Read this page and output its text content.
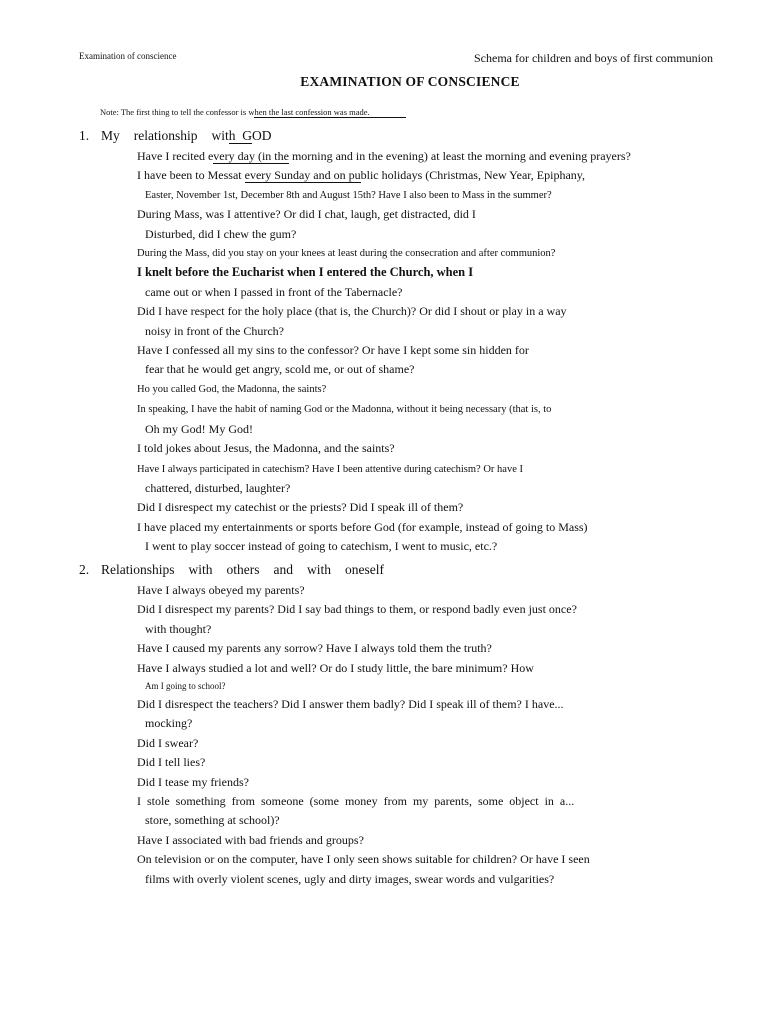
Examination of conscience	Schema for children and boys of first communion
EXAMINATION OF CONSCIENCE
Note: The first thing to tell the confessor is when the last confession was made.
1. My relationship with  GOD
Have I recited every day (in the morning and in the evening) at least the morning and evening prayers?
I have been to Messat every Sunday and on public holidays (Christmas, New Year, Epiphany,
Easter, November 1st, December 8th and August 15th? Have I also been to Mass in the summer?
During Mass, was I attentive? Or did I chat, laugh, get distracted, did I
Disturbed, did I chew the gum?
During the Mass, did you stay on your knees at least during the consecration and after communion?
I knelt before the Eucharist when I entered the Church, when I
came out or when I passed in front of the Tabernacle?
Did I have respect for the holy place (that is, the Church)? Or did I shout or play in a way
noisy in front of the Church?
Have I confessed all my sins to the confessor? Or have I kept some sin hidden for
fear that he would get angry, scold me, or out of shame?
Ho you called God, the Madonna, the saints?
In speaking, I have the habit of naming God or the Madonna, without it being necessary (that is, to
Oh my God! My God!
I told jokes about Jesus, the Madonna, and the saints?
Have I always participated in catechism? Have I been attentive during catechism? Or have I
chattered, disturbed, laughter?
Did I disrespect my catechist or the priests? Did I speak ill of them?
I have placed my entertainments or sports before God (for example, instead of going to Mass)
I went to play soccer instead of going to catechism, I went to music, etc.?
2. Relationships with others and with oneself
Have I always obeyed my parents?
Did I disrespect my parents? Did I say bad things to them, or respond badly even just once?
with thought?
Have I caused my parents any sorrow? Have I always told them the truth?
Have I always studied a lot and well? Or do I study little, the bare minimum? How
Am I going to school?
Did I disrespect the teachers? Did I answer them badly? Did I speak ill of them? I have...
mocking?
Did I swear?
Did I tell lies?
Did I tease my friends?
I stole something from someone (some money from my parents, some object in a...
store, something at school)?
Have I associated with bad friends and groups?
On television or on the computer, have I only seen shows suitable for children? Or have I seen
films with overly violent scenes, ugly and dirty images, swear words and vulgarities?
